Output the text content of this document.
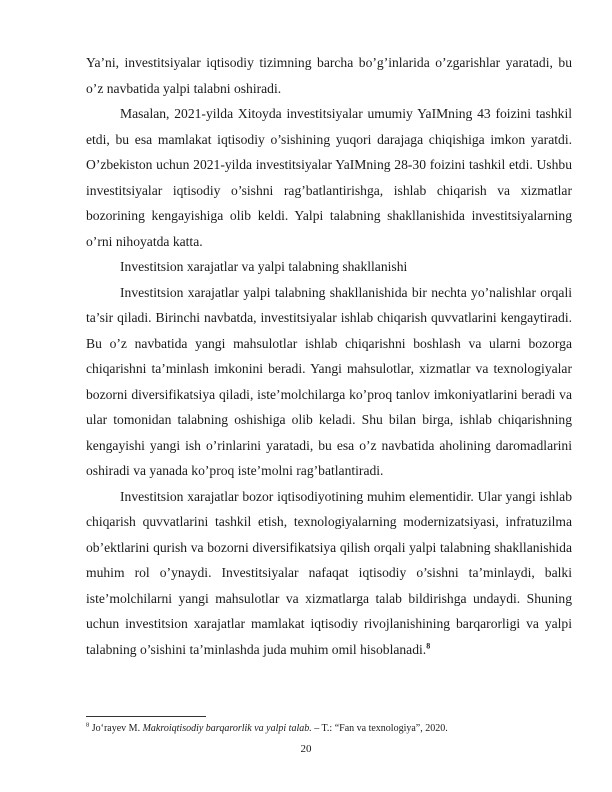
Ya’ni, investitsiyalar iqtisodiy tizimning barcha bo’g’inlarida o’zgarishlar yaratadi, bu o’z navbatida yalpi talabni oshiradi.

Masalan, 2021-yilda Xitoyda investitsiyalar umumiy YaIMning 43 foizini tashkil etdi, bu esa mamlakat iqtisodiy o’sishining yuqori darajaga chiqishiga imkon yaratdi. O’zbekiston uchun 2021-yilda investitsiyalar YaIMning 28-30 foizini tashkil etdi. Ushbu investitsiyalar iqtisodiy o’sishni rag’batlantirishga, ishlab chiqarish va xizmatlar bozorining kengayishiga olib keldi. Yalpi talabning shakllanishida investitsiyalarning o’rni nihoyatda katta.

Investitsion xarajatlar va yalpi talabning shakllanishi

Investitsion xarajatlar yalpi talabning shakllanishida bir nechta yo’nalishlar orqali ta’sir qiladi. Birinchi navbatda, investitsiyalar ishlab chiqarish quvvatlarini kengaytiradi. Bu o’z navbatida yangi mahsulotlar ishlab chiqarishni boshlash va ularni bozorga chiqarishni ta’minlash imkonini beradi. Yangi mahsulotlar, xizmatlar va texnologiyalar bozorni diversifikatsiya qiladi, iste’molchilarga ko’proq tanlov imkoniyatlarini beradi va ular tomonidan talabning oshishiga olib keladi. Shu bilan birga, ishlab chiqarishning kengayishi yangi ish o’rinlarini yaratadi, bu esa o’z navbatida aholining daromadlarini oshiradi va yanada ko’proq iste’molni rag’batlantiradi.

Investitsion xarajatlar bozor iqtisodiyotining muhim elementidir. Ular yangi ishlab chiqarish quvvatlarini tashkil etish, texnologiyalarning modernizatsiyasi, infratuzilma ob’ektlarini qurish va bozorni diversifikatsiya qilish orqali yalpi talabning shakllanishida muhim rol o’ynaydi. Investitsiyalar nafaqat iqtisodiy o’sishni ta’minlaydi, balki iste’molchilarni yangi mahsulotlar va xizmatlarga talab bildirishga undaydi. Shuning uchun investitsion xarajatlar mamlakat iqtisodiy rivojlanishining barqarorligi va yalpi talabning o’sishini ta’minlashda juda muhim omil hisoblanadi.$^8$

$^8$ Jo‘rayev M. Makroiqtisodiy barqarorlik va yalpi talab. – T.: “Fan va texnologiya”, 2020.
20
